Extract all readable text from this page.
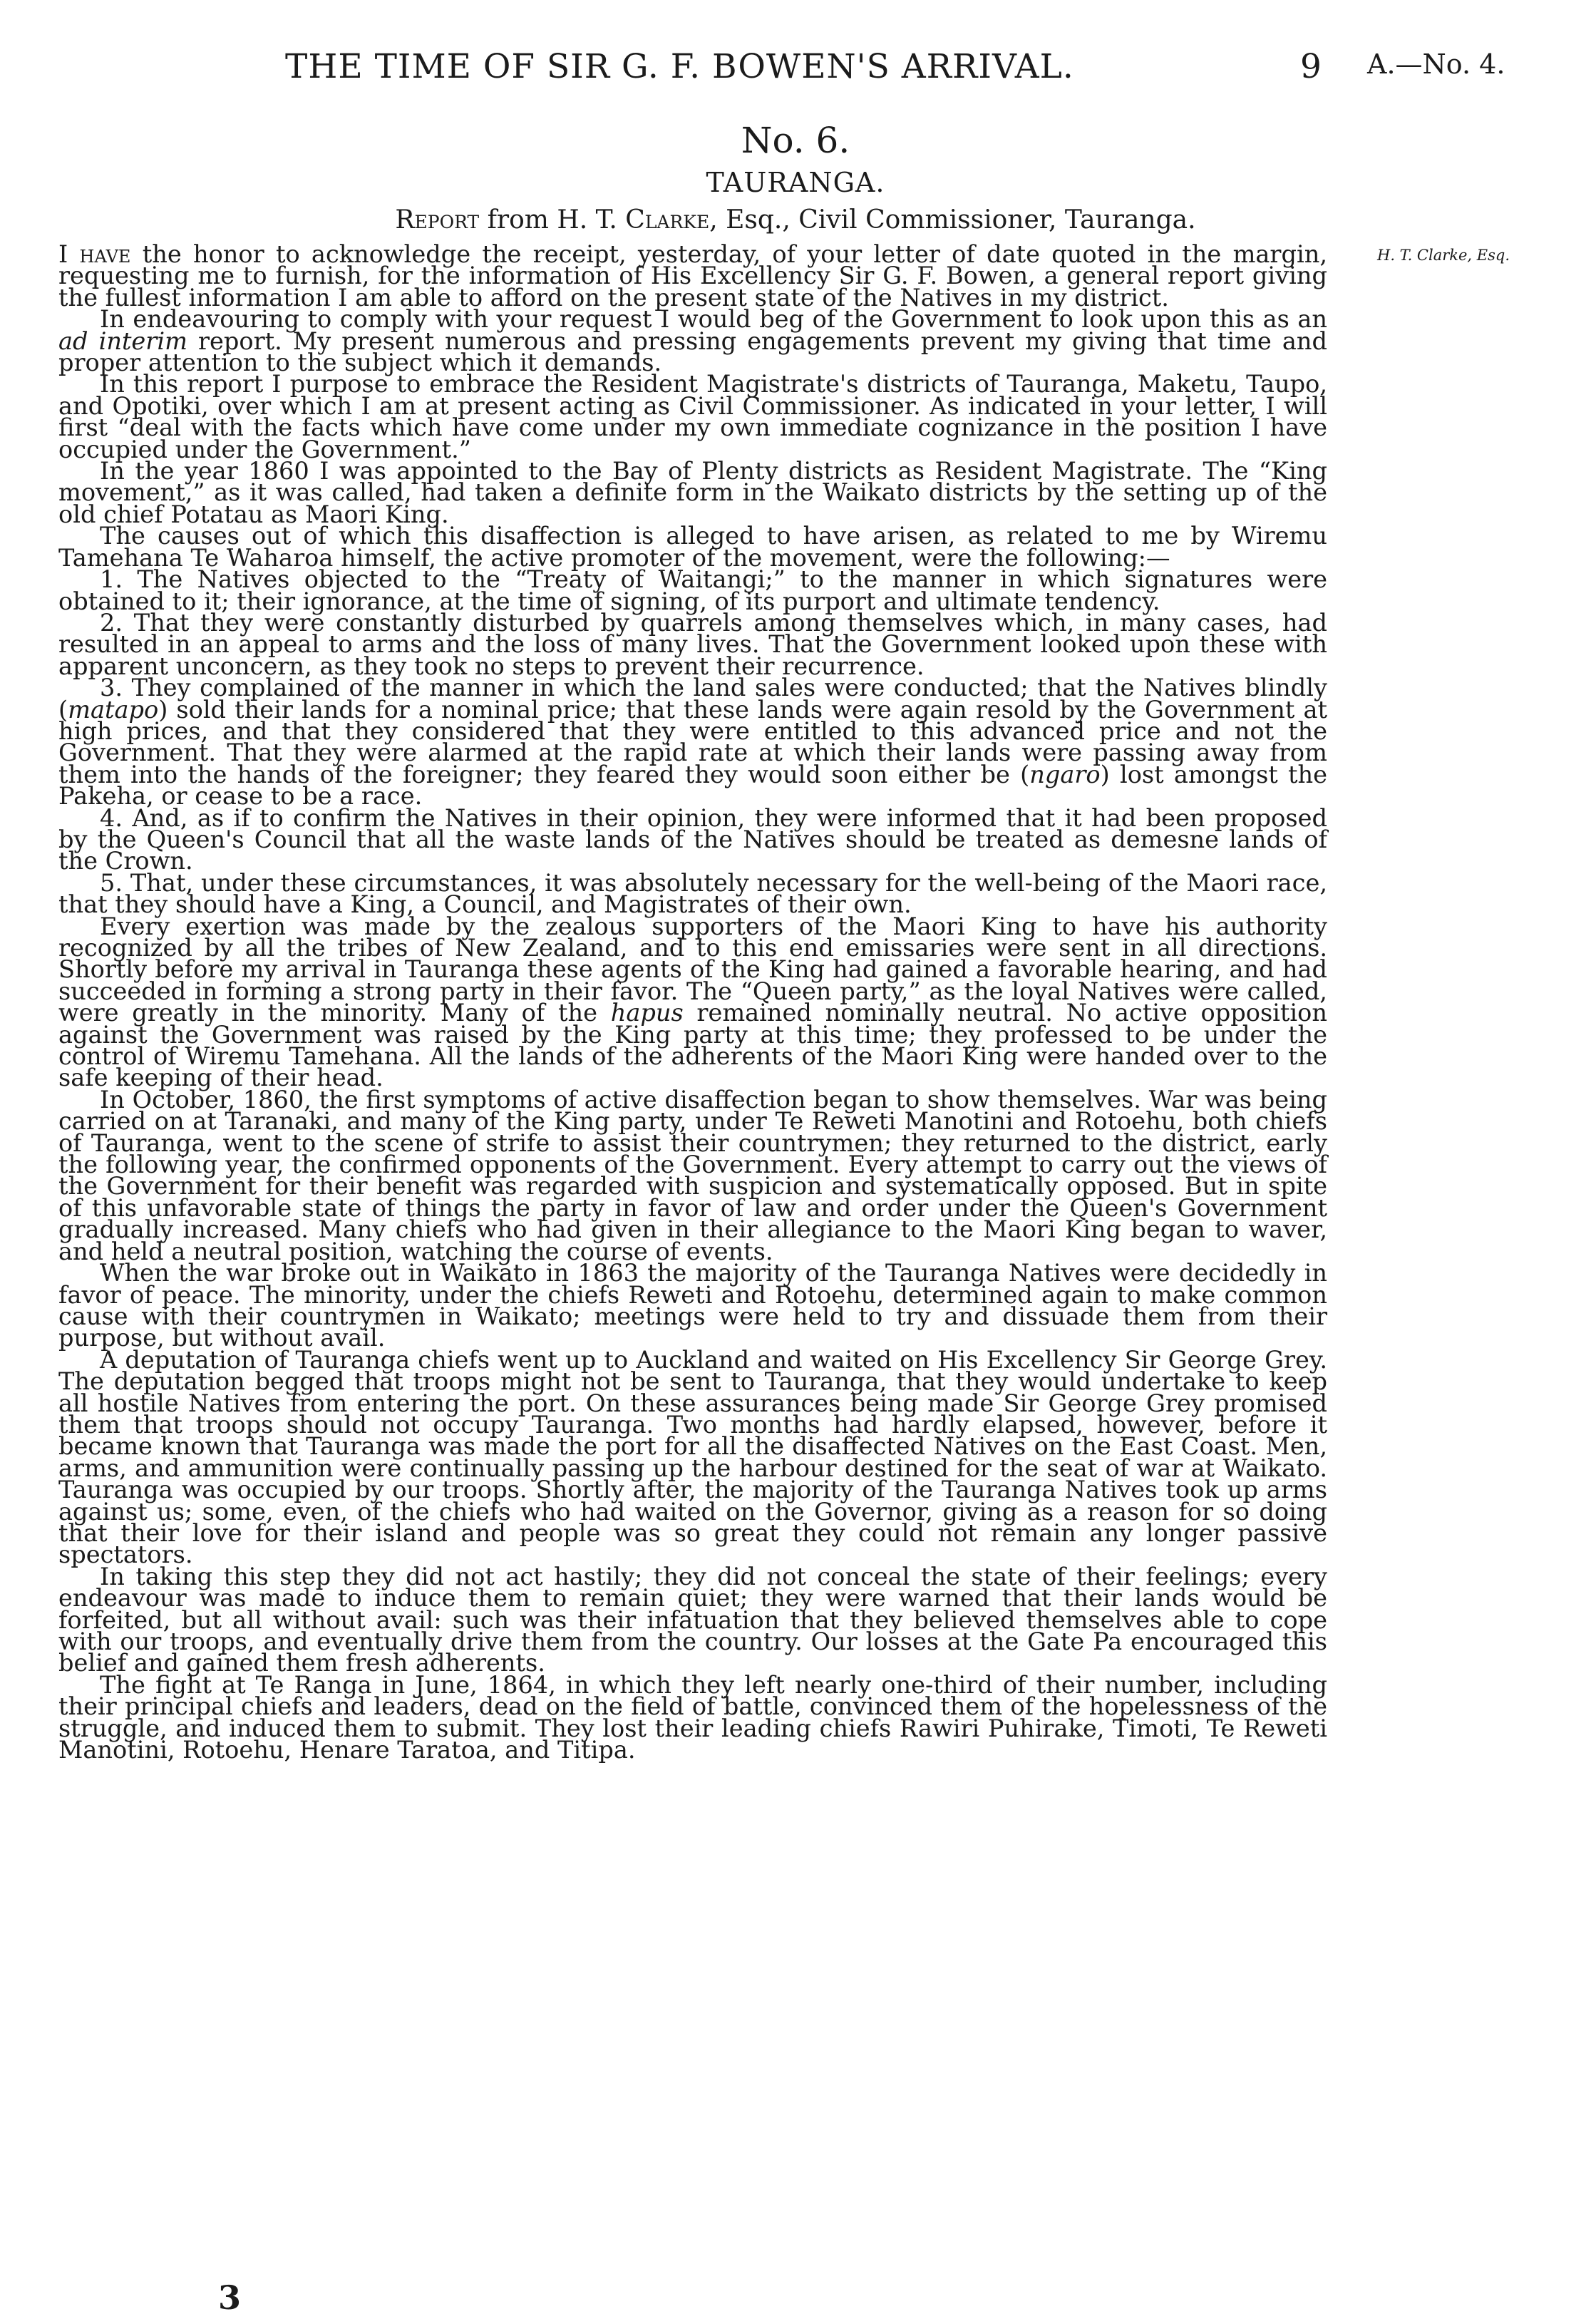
THE TIME OF SIR G. F. BOWEN'S ARRIVAL.	9 A.—No. 4.
No. 6.
TAURANGA.
Report from H. T. Clarke, Esq., Civil Commissioner, Tauranga.
H. T. Clarke, Esq.

I have the honor to acknowledge the receipt, yesterday, of your letter of date quoted in the margin, requesting me to furnish, for the information of His Excellency Sir G. F. Bowen, a general report giving the fullest information I am able to afford on the present state of the Natives in my district.

In endeavouring to comply with your request I would beg of the Government to look upon this as an ad interim report. My present numerous and pressing engagements prevent my giving that time and proper attention to the subject which it demands.

In this report I purpose to embrace the Resident Magistrate's districts of Tauranga, Maketu, Taupo, and Opotiki, over which I am at present acting as Civil Commissioner. As indicated in your letter, I will first “deal with the facts which have come under my own immediate cognizance in the position I have occupied under the Government.”

In the year 1860 I was appointed to the Bay of Plenty districts as Resident Magistrate. The “King movement,” as it was called, had taken a definite form in the Waikato districts by the setting up of the old chief Potatau as Maori King.

The causes out of which this disaffection is alleged to have arisen, as related to me by Wiremu Tamehana Te Waharoa himself, the active promoter of the movement, were the following:—

1. The Natives objected to the “Treaty of Waitangi;” to the manner in which signatures were obtained to it; their ignorance, at the time of signing, of its purport and ultimate tendency.

2. That they were constantly disturbed by quarrels among themselves which, in many cases, had resulted in an appeal to arms and the loss of many lives. That the Government looked upon these with apparent unconcern, as they took no steps to prevent their recurrence.

3. They complained of the manner in which the land sales were conducted; that the Natives blindly (matapo) sold their lands for a nominal price; that these lands were again resold by the Government at high prices, and that they considered that they were entitled to this advanced price and not the Government. That they were alarmed at the rapid rate at which their lands were passing away from them into the hands of the foreigner; they feared they would soon either be (ngaro) lost amongst the Pakeha, or cease to be a race.

4. And, as if to confirm the Natives in their opinion, they were informed that it had been proposed by the Queen's Council that all the waste lands of the Natives should be treated as demesne lands of the Crown.

5. That, under these circumstances, it was absolutely necessary for the well-being of the Maori race, that they should have a King, a Council, and Magistrates of their own.

Every exertion was made by the zealous supporters of the Maori King to have his authority recognized by all the tribes of New Zealand, and to this end emissaries were sent in all directions. Shortly before my arrival in Tauranga these agents of the King had gained a favorable hearing, and had succeeded in forming a strong party in their favor. The “Queen party,” as the loyal Natives were called, were greatly in the minority. Many of the hapus remained nominally neutral. No active opposition against the Government was raised by the King party at this time; they professed to be under the control of Wiremu Tamehana. All the lands of the adherents of the Maori King were handed over to the safe keeping of their head.

In October, 1860, the first symptoms of active disaffection began to show themselves. War was being carried on at Taranaki, and many of the King party, under Te Reweti Manotini and Rotoehu, both chiefs of Tauranga, went to the scene of strife to assist their countrymen; they returned to the district, early the following year, the confirmed opponents of the Government. Every attempt to carry out the views of the Government for their benefit was regarded with suspicion and systematically opposed. But in spite of this unfavorable state of things the party in favor of law and order under the Queen's Government gradually increased. Many chiefs who had given in their allegiance to the Maori King began to waver, and held a neutral position, watching the course of events.

When the war broke out in Waikato in 1863 the majority of the Tauranga Natives were decidedly in favor of peace. The minority, under the chiefs Reweti and Rotoehu, determined again to make common cause with their countrymen in Waikato; meetings were held to try and dissuade them from their purpose, but without avail.

A deputation of Tauranga chiefs went up to Auckland and waited on His Excellency Sir George Grey. The deputation begged that troops might not be sent to Tauranga, that they would undertake to keep all hostile Natives from entering the port. On these assurances being made Sir George Grey promised them that troops should not occupy Tauranga. Two months had hardly elapsed, however, before it became known that Tauranga was made the port for all the disaffected Natives on the East Coast. Men, arms, and ammunition were continually passing up the harbour destined for the seat of war at Waikato. Tauranga was occupied by our troops. Shortly after, the majority of the Tauranga Natives took up arms against us; some, even, of the chiefs who had waited on the Governor, giving as a reason for so doing that their love for their island and people was so great they could not remain any longer passive spectators.

In taking this step they did not act hastily; they did not conceal the state of their feelings; every endeavour was made to induce them to remain quiet; they were warned that their lands would be forfeited, but all without avail: such was their infatuation that they believed themselves able to cope with our troops, and eventually drive them from the country. Our losses at the Gate Pa encouraged this belief and gained them fresh adherents.

The fight at Te Ranga in June, 1864, in which they left nearly one-third of their number, including their principal chiefs and leaders, dead on the field of battle, convinced them of the hopelessness of the struggle, and induced them to submit. They lost their leading chiefs Rawiri Puhirake, Timoti, Te Reweti Manotini, Rotoehu, Henare Taratoa, and Titipa.

3
